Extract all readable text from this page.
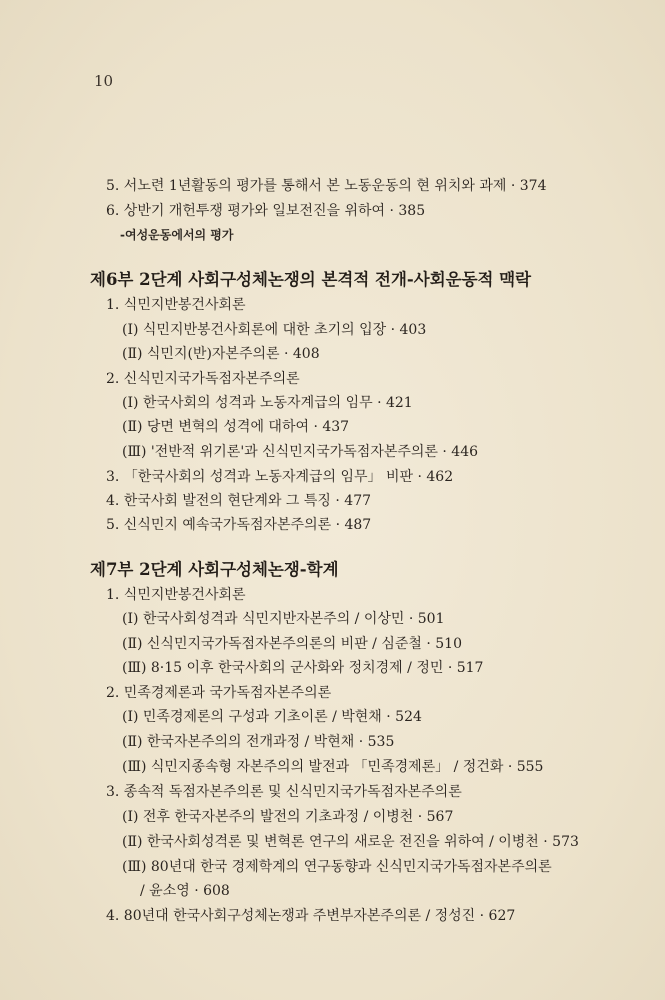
10
5. 서노련 1년활동의 평가를 통해서 본 노동운동의 현 위치와 과제 · 374
6. 상반기 개헌투쟁 평가와 일보전진을 위하여 · 385
-여성운동에서의 평가
제6부 2단계 사회구성체논쟁의 본격적 전개-사회운동적 맥락
1. 식민지반봉건사회론
(Ⅰ) 식민지반봉건사회론에 대한 초기의 입장 · 403
(Ⅱ) 식민지(반)자본주의론 · 408
2. 신식민지국가독점자본주의론
(Ⅰ) 한국사회의 성격과 노동자계급의 임무 · 421
(Ⅱ) 당면 변혁의 성격에 대하여 · 437
(Ⅲ) '전반적 위기론'과 신식민지국가독점자본주의론 · 446
3. 「한국사회의 성격과 노동자계급의 임무」 비판 · 462
4. 한국사회 발전의 현단계와 그 특징 · 477
5. 신식민지 예속국가독점자본주의론 · 487
제7부 2단계 사회구성체논쟁-학계
1. 식민지반봉건사회론
(Ⅰ) 한국사회성격과 식민지반자본주의 / 이상민 · 501
(Ⅱ) 신식민지국가독점자본주의론의 비판 / 심준철 · 510
(Ⅲ) 8·15 이후 한국사회의 군사화와 정치경제 / 정민 · 517
2. 민족경제론과 국가독점자본주의론
(Ⅰ) 민족경제론의 구성과 기초이론 / 박현채 · 524
(Ⅱ) 한국자본주의의 전개과정 / 박현채 · 535
(Ⅲ) 식민지종속형 자본주의의 발전과 「민족경제론」 / 정건화 · 555
3. 종속적 독점자본주의론 및 신식민지국가독점자본주의론
(Ⅰ) 전후 한국자본주의 발전의 기초과정 / 이병천 · 567
(Ⅱ) 한국사회성격론 및 변혁론 연구의 새로운 전진을 위하여 / 이병천 · 573
(Ⅲ) 80년대 한국 경제학계의 연구동향과 신식민지국가독점자본주의론
/ 윤소영 · 608
4. 80년대 한국사회구성체논쟁과 주변부자본주의론 / 정성진 · 627
